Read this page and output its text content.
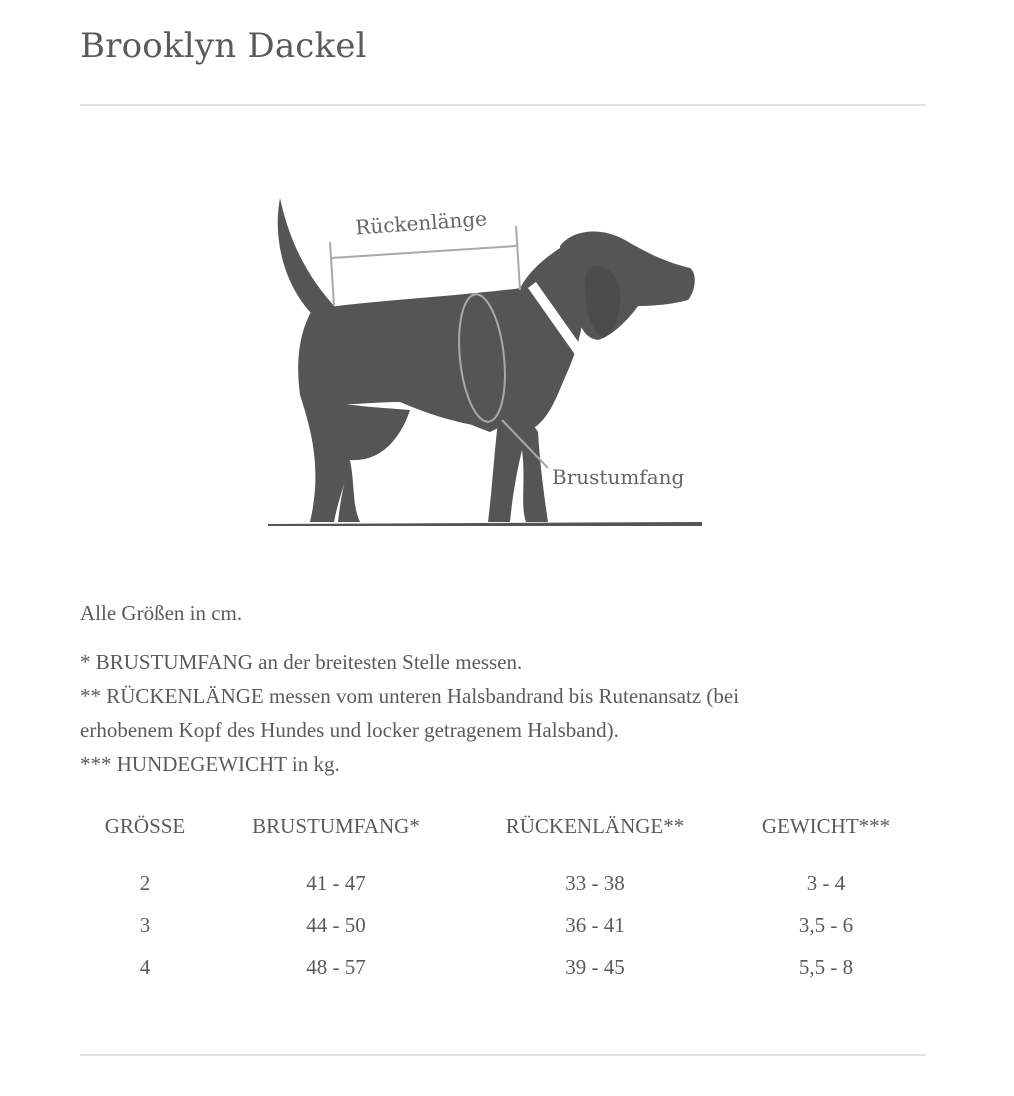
Brooklyn Dackel
Rückenlänge
Brustumfang
Alle Größen in cm.
* BRUSTUMFANG an der breitesten Stelle messen.
** RÜCKENLÄNGE messen vom unteren Halsbandrand bis Rutenansatz (bei
erhobenem Kopf des Hundes und locker getragenem Halsband).
*** HUNDEGEWICHT in kg.
GRÖSSE	BRUSTUMFANG*	RÜCKENLÄNGE**	GEWICHT***
2	41 - 47	33 - 38	3 - 4
3	44 - 50	36 - 41	3,5 - 6
4	48 - 57	39 - 45	5,5 - 8
